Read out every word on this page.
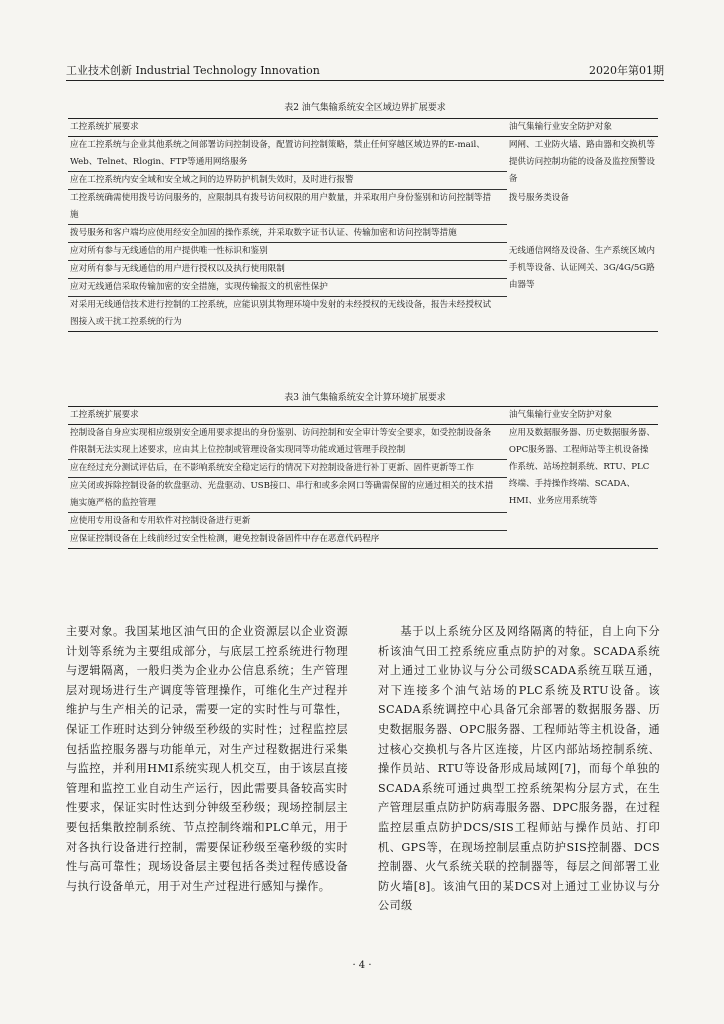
工业技术创新 Industrial Technology Innovation	2020年第01期
表2 油气集输系统安全区域边界扩展要求
工控系统扩展要求	油气集输行业安全防护对象
应在工控系统与企业其他系统之间部署访问控制设备，配置访问控制策略，禁止任何穿越区域边界的E-mail、Web、Telnet、Rlogin、FTP等通用网络服务	网闸、工业防火墙、路由器和交换机等提供访问控制功能的设备及监控预警设备
应在工控系统内安全域和安全域之间的边界防护机制失效时，及时进行报警	
工控系统确需使用拨号访问服务的，应限制具有拨号访问权限的用户数量，并采取用户身份鉴别和访问控制等措施	拨号服务类设备
拨号服务和客户端均应使用经安全加固的操作系统，并采取数字证书认证、传输加密和访问控制等措施	
应对所有参与无线通信的用户提供唯一性标识和鉴别	无线通信网络及设备、生产系统区域内手机等设备、认证网关、3G/4G/5G路由器等
应对所有参与无线通信的用户进行授权以及执行使用限制	
应对无线通信采取传输加密的安全措施，实现传输报文的机密性保护	
对采用无线通信技术进行控制的工控系统，应能识别其物理环境中发射的未经授权的无线设备，报告未经授权试图接入或干扰工控系统的行为	
表3 油气集输系统安全计算环境扩展要求
工控系统扩展要求	油气集输行业安全防护对象
控制设备自身应实现相应级别安全通用要求提出的身份鉴别、访问控制和安全审计等安全要求，如受控制设备条件限制无法实现上述要求，应由其上位控制或管理设备实现同等功能或通过管理手段控制	应用及数据服务器、历史数据服务器、OPC服务器、工程师站等主机设备操作系统、站场控制系统、RTU、PLC终端、手持操作终端、SCADA、HMI、业务应用系统等
应在经过充分测试评估后，在不影响系统安全稳定运行的情况下对控制设备进行补丁更新、固件更新等工作	
应关闭或拆除控制设备的软盘驱动、光盘驱动、USB接口、串行和或多余网口等确需保留的应通过相关的技术措施实施严格的监控管理	
应使用专用设备和专用软件对控制设备进行更新	
应保证控制设备在上线前经过安全性检测，避免控制设备固件中存在恶意代码程序	

主要对象。我国某地区油气田的企业资源层以企业资源计划等系统为主要组成部分，与底层工控系统进行物理与逻辑隔离，一般归类为企业办公信息系统；生产管理层对现场进行生产调度等管理操作，可维化生产过程并维护与生产相关的记录，需要一定的实时性与可靠性，保证工作班时达到分钟级至秒级的实时性；过程监控层包括监控服务器与功能单元，对生产过程数据进行采集与监控，并利用HMI系统实现人机交互，由于该层直接管理和监控工业自动生产运行，因此需要具备较高实时性要求，保证实时性达到分钟级至秒级；现场控制层主要包括集散控制系统、节点控制终端和PLC单元，用于对各执行设备进行控制，需要保证秒级至毫秒级的实时性与高可靠性；现场设备层主要包括各类过程传感设备与执行设备单元，用于对生产过程进行感知与操作。

基于以上系统分区及网络隔离的特征，自上向下分析该油气田工控系统应重点防护的对象。SCADA系统对上通过工业协议与分公司级SCADA系统互联互通，对下连接多个油气站场的PLC系统及RTU设备。该SCADA系统调控中心具备冗余部署的数据服务器、历史数据服务器、OPC服务器、工程师站等主机设备，通过核心交换机与各片区连接，片区内部站场控制系统、操作员站、RTU等设备形成局域网[7]，而每个单独的SCADA系统可通过典型工控系统架构分层方式，在生产管理层重点防护防病毒服务器、DPC服务器，在过程监控层重点防护DCS/SIS工程师站与操作员站、打印机、GPS等，在现场控制层重点防护SIS控制器、DCS控制器、火气系统关联的控制器等，每层之间部署工业防火墙[8]。该油气田的某DCS对上通过工业协议与分公司级

· 4 ·
